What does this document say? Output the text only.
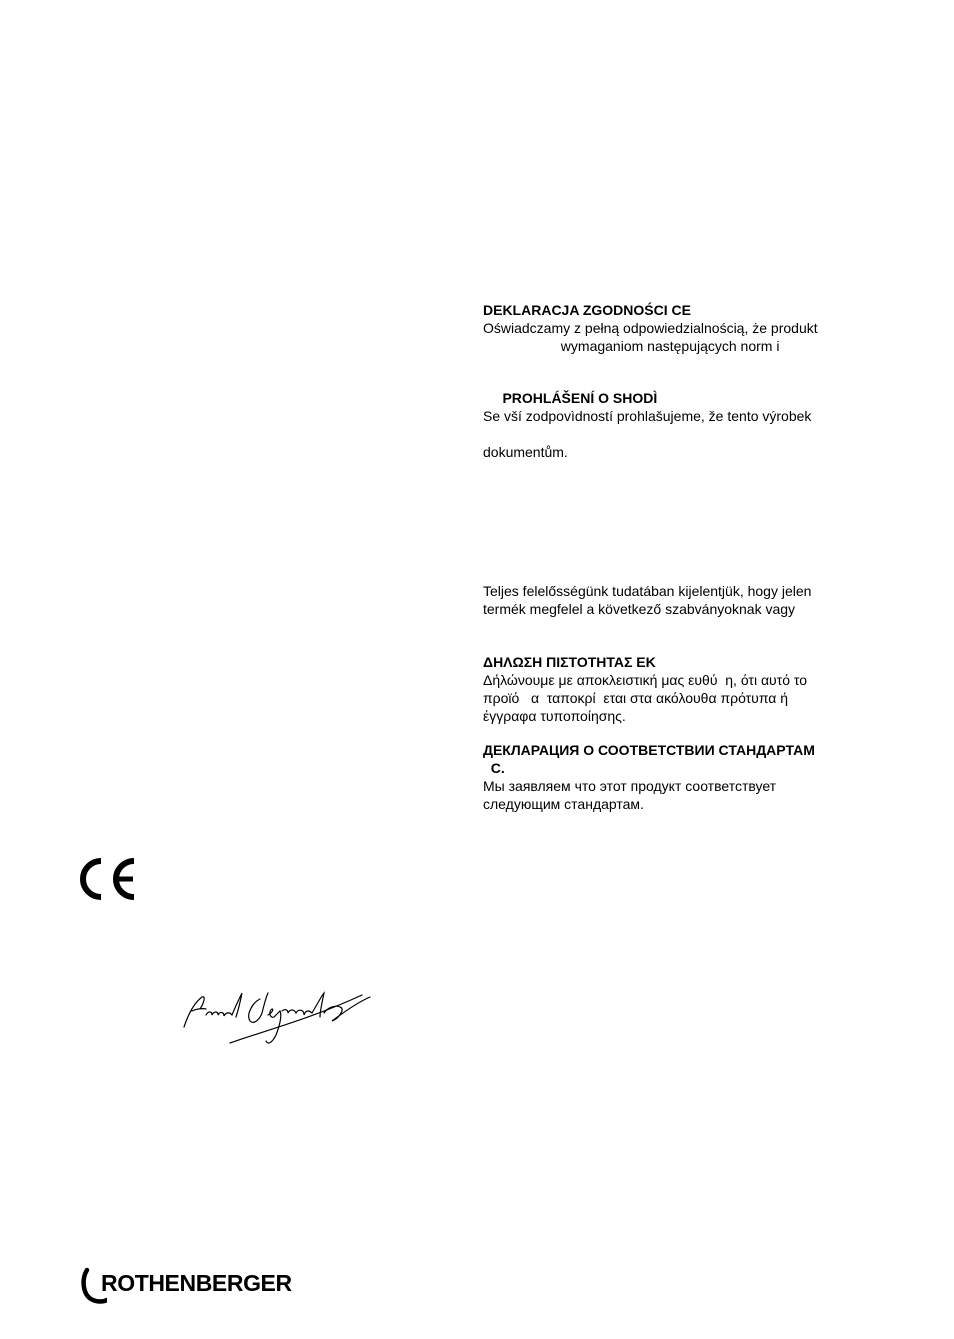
DEKLARACJA ZGODNOŚCI CE
Oświadczamy z pełną odpowiedzialnością, że produkt
wymaganiom następujących norm i
PROHLÁŠENÍ O SHODÌ
Se vší zodpovìdností prohlašujeme, že tento výrobek
dokumentům.
Teljes felelősségünk tudatában kijelentjük, hogy jelen
termék megfelel a következő szabványoknak vagy
ΔΗΛΩΣΗ ΠΙΣΤΟΤΗΤΑΣ ΕΚ
Δήλώνουμε με αποκλειστική μας ευθύ  η, ότι αυτό το
προϊό   α  ταποκρί  εται στα ακόλουθα πρότυπα ή
έγγραφα τυποποίησης.
ДЕКЛАРАЦИЯ О СООТВЕТСТВИИ СТАНДАРТАМ
С.
Мы заявляем что этот продукт соответствует
следующим стандартам.
ROTHENBERGER
